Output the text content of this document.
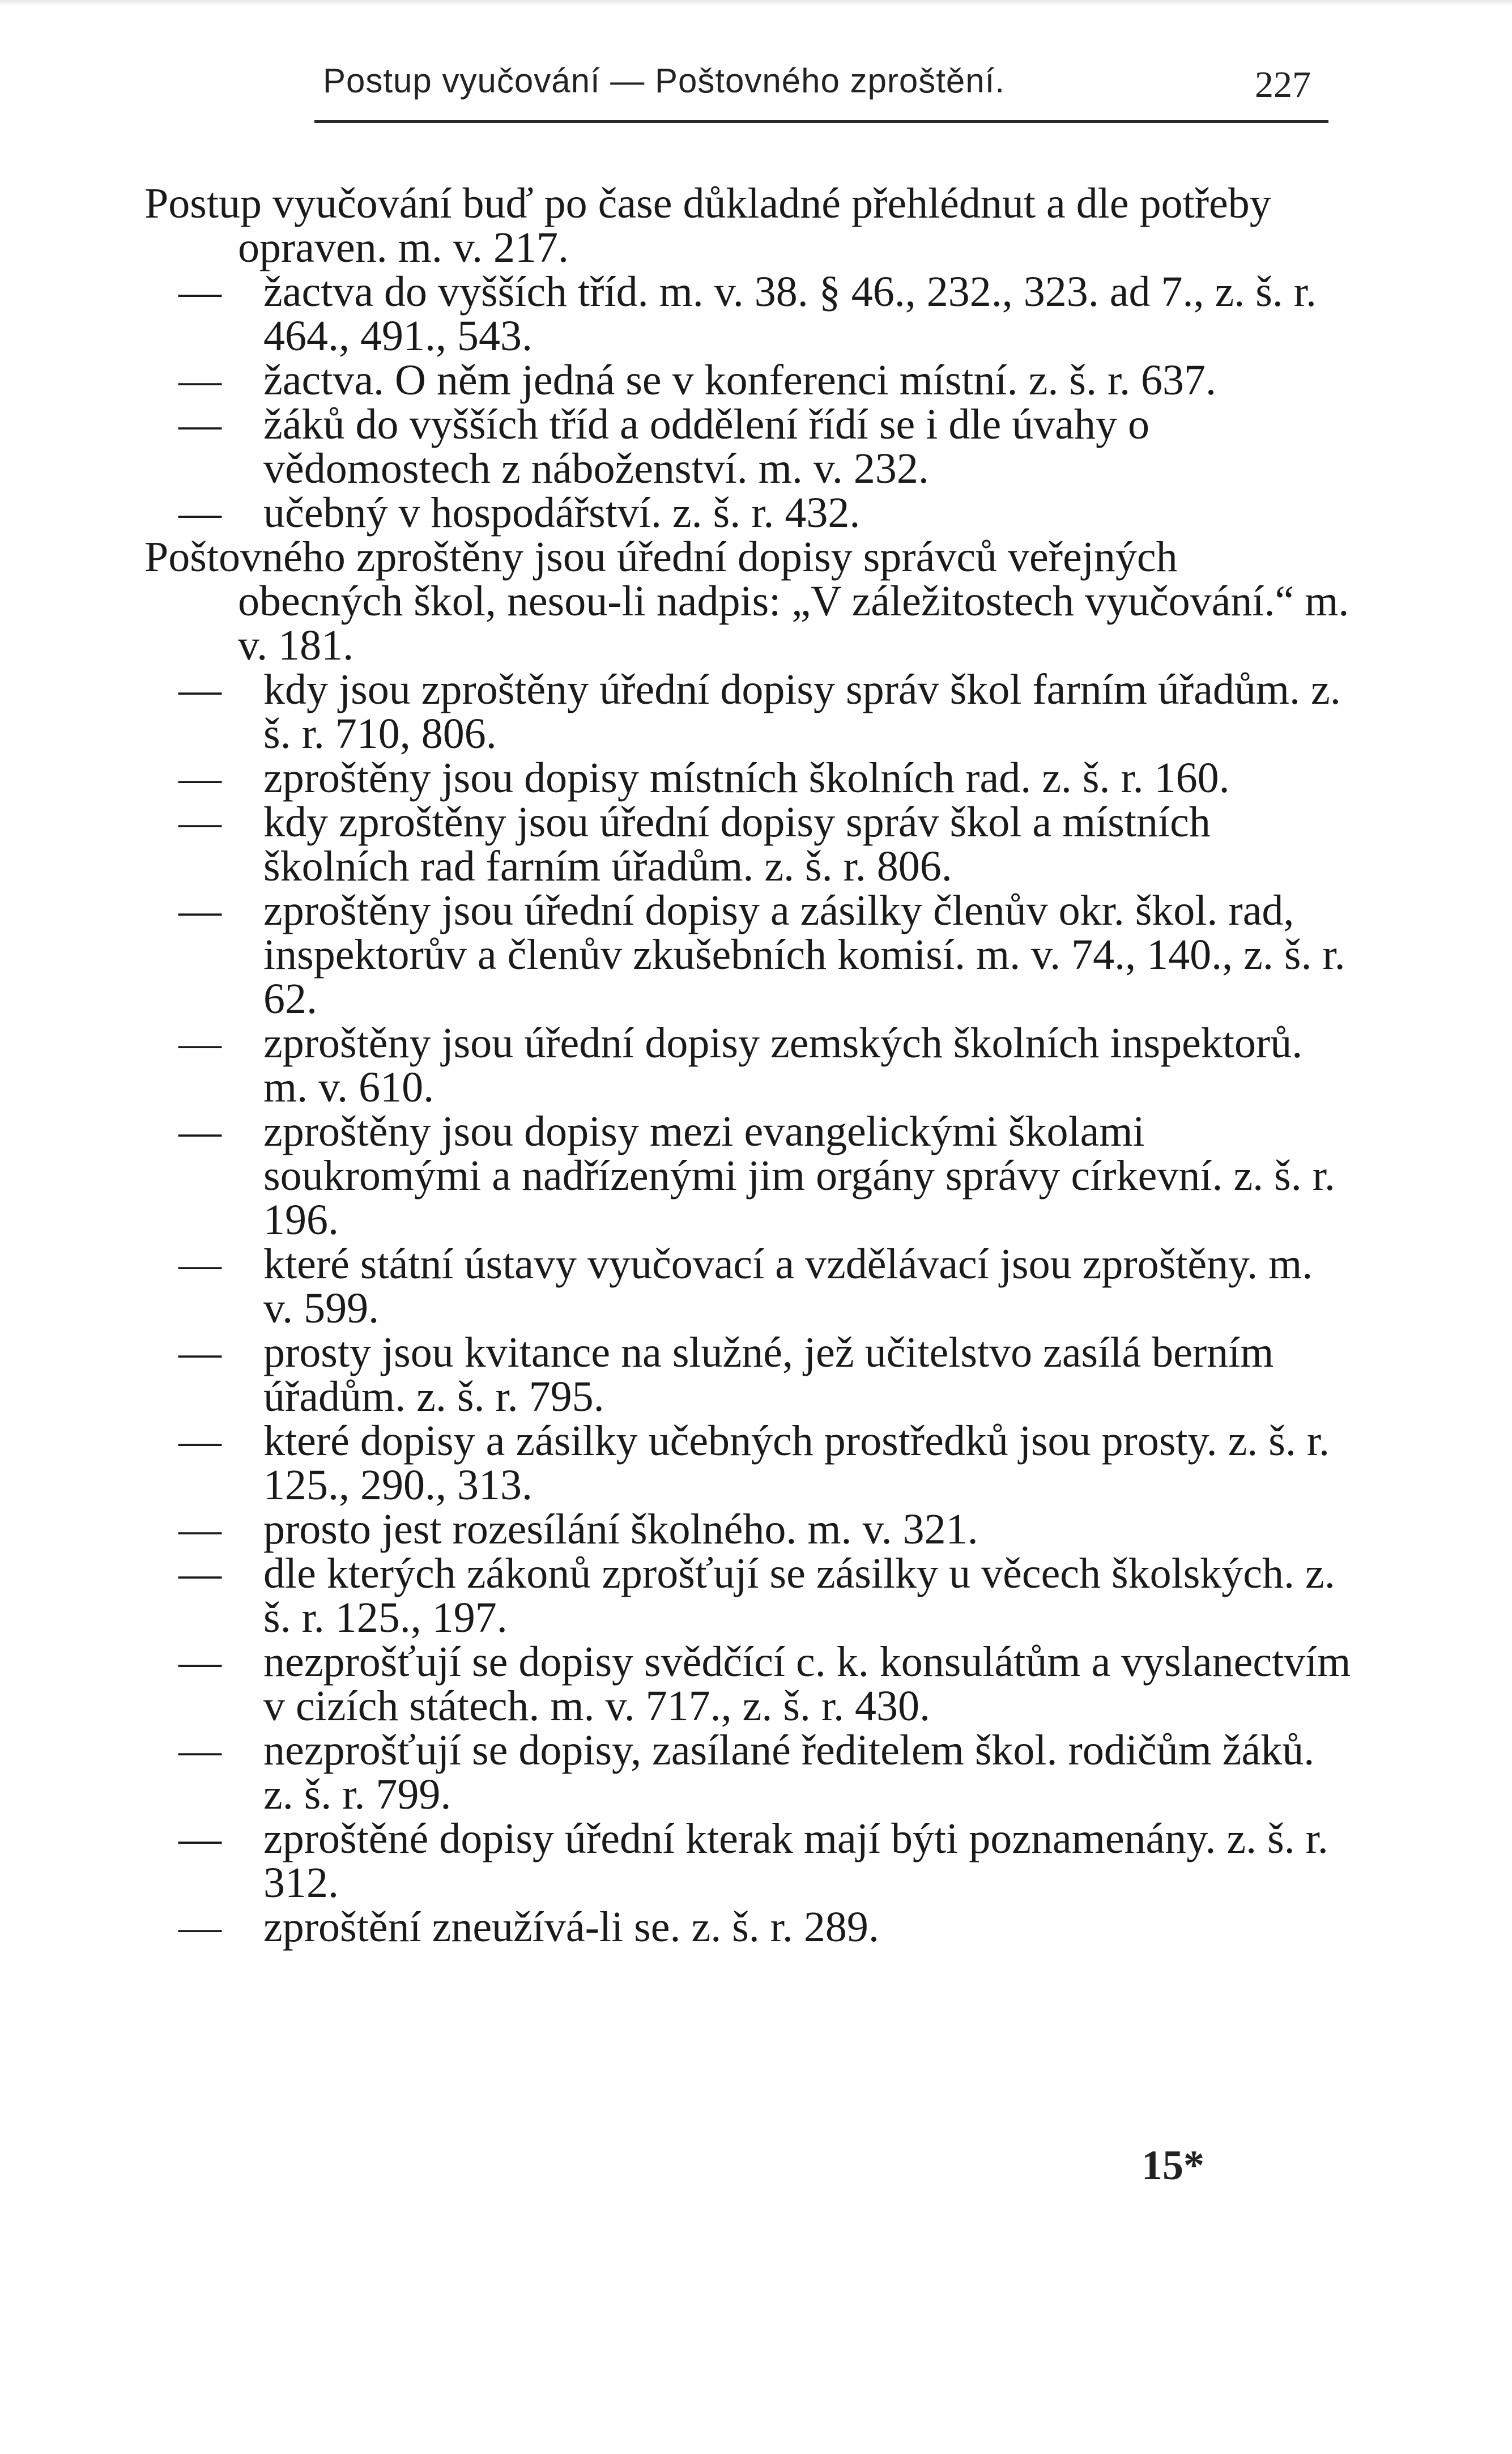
Postup vyučování — Poštovného zproštění.	227

Postup vyučování buď po čase důkladné přehlédnut a dle potřeby opraven. m. v. 217.

— žactva do vyšších tříd. m. v. 38. § 46., 232., 323. ad 7., z. š. r. 464., 491., 543.

— žactva. O něm jedná se v konferenci místní. z. š. r. 637.

— žáků do vyšších tříd a oddělení řídí se i dle úvahy o vědomostech z náboženství. m. v. 232.

— učebný v hospodářství. z. š. r. 432.

Poštovného zproštěny jsou úřední dopisy správců veřejných obecných škol, nesou-li nadpis: „V záležitostech vyučování.“ m. v. 181.

— kdy jsou zproštěny úřední dopisy správ škol farním úřadům. z. š. r. 710, 806.

— zproštěny jsou dopisy místních školních rad. z. š. r. 160.

— kdy zproštěny jsou úřední dopisy správ škol a místních školních rad farním úřadům. z. š. r. 806.

— zproštěny jsou úřední dopisy a zásilky členův okr. škol. rad, inspektorův a členův zkušebních komisí. m. v. 74., 140., z. š. r. 62.

— zproštěny jsou úřední dopisy zemských školních inspektorů. m. v. 610.

— zproštěny jsou dopisy mezi evangelickými školami soukromými a nadřízenými jim orgány správy církevní. z. š. r. 196.

— které státní ústavy vyučovací a vzdělávací jsou zproštěny. m. v. 599.

— prosty jsou kvitance na služné, jež učitelstvo zasílá berním úřadům. z. š. r. 795.

— které dopisy a zásilky učebných prostředků jsou prosty. z. š. r. 125., 290., 313.

— prosto jest rozesílání školného. m. v. 321.

— dle kterých zákonů zprošťují se zásilky u věcech školských. z. š. r. 125., 197.

— nezprošťují se dopisy svědčící c. k. konsulátům a vyslanectvím v cizích státech. m. v. 717., z. š. r. 430.

— nezprošťují se dopisy, zasílané ředitelem škol. rodičům žáků. z. š. r. 799.

— zproštěné dopisy úřední kterak mají býti poznamenány. z. š. r. 312.

— zproštění zneužívá-li se. z. š. r. 289.

15*
